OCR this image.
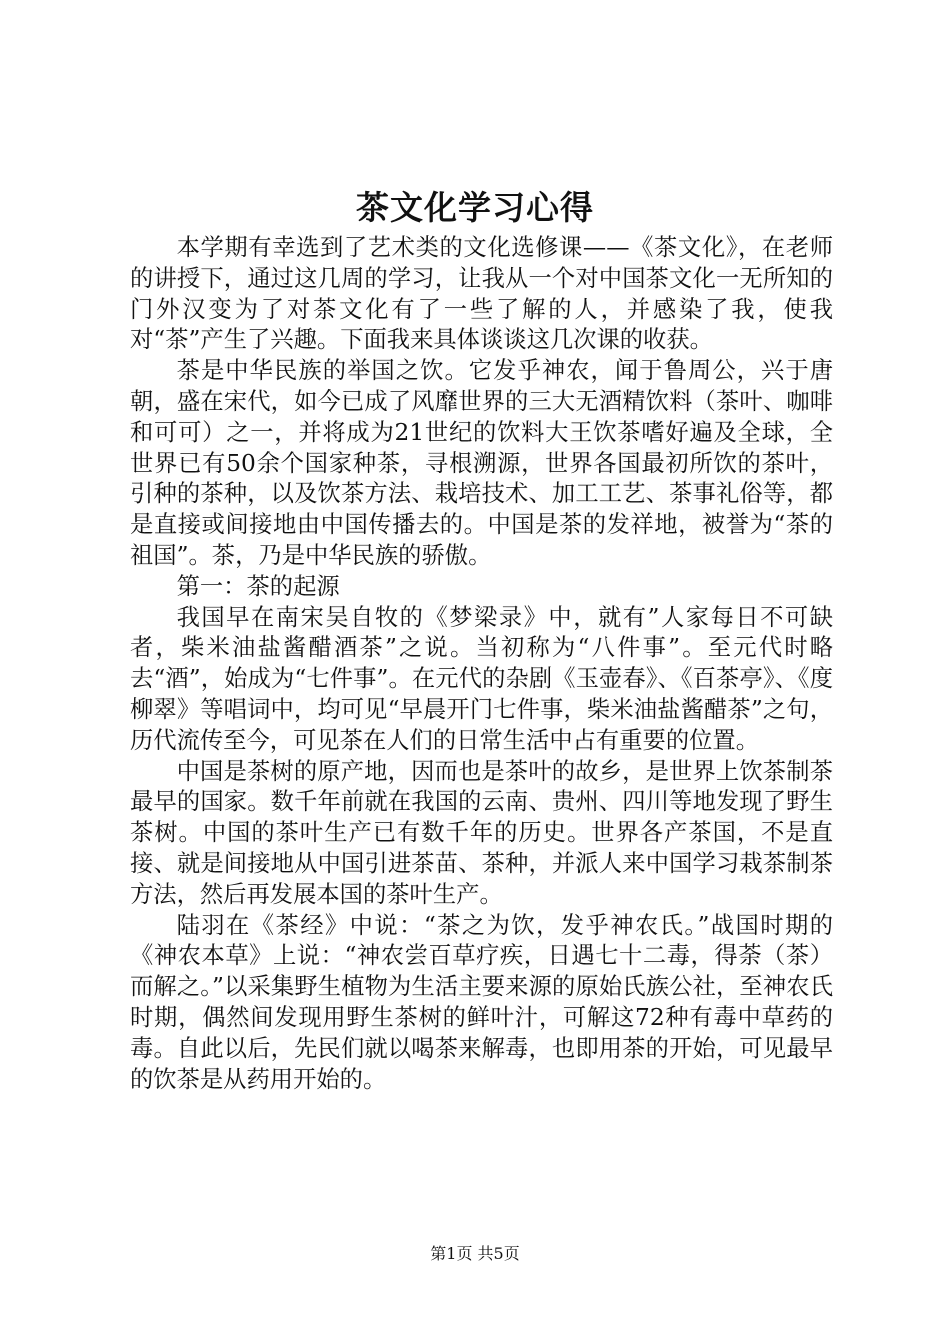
茶文化学习心得

本学期有幸选到了艺术类的文化选修课——《茶文化》，在老师的讲授下，通过这几周的学习，让我从一个对中国茶文化一无所知的门外汉变为了对茶文化有了一些了解的人，并感染了我，使我对“茶”产生了兴趣。下面我来具体谈谈这几次课的收获。

茶是中华民族的举国之饮。它发乎神农，闻于鲁周公，兴于唐朝，盛在宋代，如今已成了风靡世界的三大无酒精饮料（茶叶、咖啡和可可）之一，并将成为21世纪的饮料大王饮茶嗜好遍及全球，全世界已有50余个国家种茶，寻根溯源，世界各国最初所饮的茶叶，引种的茶种，以及饮茶方法、栽培技术、加工工艺、茶事礼俗等，都是直接或间接地由中国传播去的。中国是茶的发祥地，被誉为“茶的祖国”。茶，乃是中华民族的骄傲。

第一：茶的起源

我国早在南宋吴自牧的《梦梁录》中，就有”人家每日不可缺者，柴米油盐酱醋酒茶”之说。当初称为“八件事”。至元代时略去“酒”，始成为“七件事”。在元代的杂剧《玉壶春》、《百茶亭》、《度柳翠》等唱词中，均可见“早晨开门七件事，柴米油盐酱醋茶”之句，历代流传至今，可见茶在人们的日常生活中占有重要的位置。

中国是茶树的原产地，因而也是茶叶的故乡，是世界上饮茶制茶最早的国家。数千年前就在我国的云南、贵州、四川等地发现了野生茶树。中国的茶叶生产已有数千年的历史。世界各产茶国，不是直接、就是间接地从中国引进茶苗、茶种，并派人来中国学习栽茶制茶方法，然后再发展本国的茶叶生产。

陆羽在《茶经》中说：“茶之为饮，发乎神农氏。”战国时期的《神农本草》上说：“神农尝百草疗疾，日遇七十二毒，得荼（茶）而解之。”以采集野生植物为生活主要来源的原始氏族公社，至神农氏时期，偶然间发现用野生茶树的鲜叶汁，可解这72种有毒中草药的毒。自此以后，先民们就以喝茶来解毒，也即用茶的开始，可见最早的饮茶是从药用开始的。

第1页 共5页
